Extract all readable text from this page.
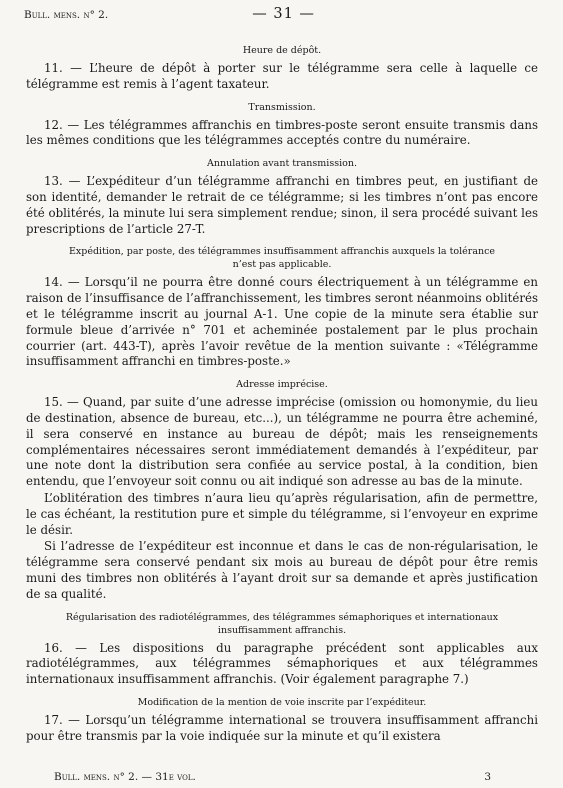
Bull. mens. n° 2.	— 31 —
Heure de dépôt.

11. — L’heure de dépôt à porter sur le télégramme sera celle à laquelle ce télégramme est remis à l’agent taxateur.

Transmission.

12. — Les télégrammes affranchis en timbres-poste seront ensuite transmis dans les mêmes conditions que les télégrammes acceptés contre du numéraire.

Annulation avant transmission.

13. — L’expéditeur d’un télégramme affranchi en timbres peut, en justifiant de son identité, demander le retrait de ce télégramme; si les timbres n’ont pas encore été oblitérés, la minute lui sera simplement rendue; sinon, il sera procédé suivant les prescriptions de l’article 27-T.

Expédition, par poste, des télégrammes insuffisamment affranchis auxquels la tolérance
n’est pas applicable.

14. — Lorsqu’il ne pourra être donné cours électriquement à un télégramme en raison de l’insuffisance de l’affranchissement, les timbres seront néanmoins oblitérés et le télégramme inscrit au journal A-1. Une copie de la minute sera établie sur formule bleue d’arrivée n° 701 et acheminée postalement par le plus prochain courrier (art. 443-T), après l’avoir revêtue de la mention suivante : «Télégramme insuffisamment affranchi en timbres-poste.»

Adresse imprécise.

15. — Quand, par suite d’une adresse imprécise (omission ou homonymie, du lieu de destination, absence de bureau, etc...), un télégramme ne pourra être acheminé, il sera conservé en instance au bureau de dépôt; mais les renseignements complémentaires nécessaires seront immédiatement demandés à l’expéditeur, par une note dont la distribution sera confiée au service postal, à la condition, bien entendu, que l’envoyeur soit connu ou ait indiqué son adresse au bas de la minute.

L’oblitération des timbres n’aura lieu qu’après régularisation, afin de permettre, le cas échéant, la restitution pure et simple du télégramme, si l’envoyeur en exprime le désir.

Si l’adresse de l’expéditeur est inconnue et dans le cas de non-régularisation, le télégramme sera conservé pendant six mois au bureau de dépôt pour être remis muni des timbres non oblitérés à l’ayant droit sur sa demande et après justification de sa qualité.

Régularisation des radiotélégrammes, des télégrammes sémaphoriques et internationaux
insuffisamment affranchis.

16. — Les dispositions du paragraphe précédent sont applicables aux radiotélégrammes, aux télégrammes sémaphoriques et aux télégrammes internationaux insuffisamment affranchis. (Voir également paragraphe 7.)

Modification de la mention de voie inscrite par l’expéditeur.

17. — Lorsqu’un télégramme international se trouvera insuffisamment affranchi pour être transmis par la voie indiquée sur la minute et qu’il existera

Bull. mens. n° 2. — 31e vol.	3
